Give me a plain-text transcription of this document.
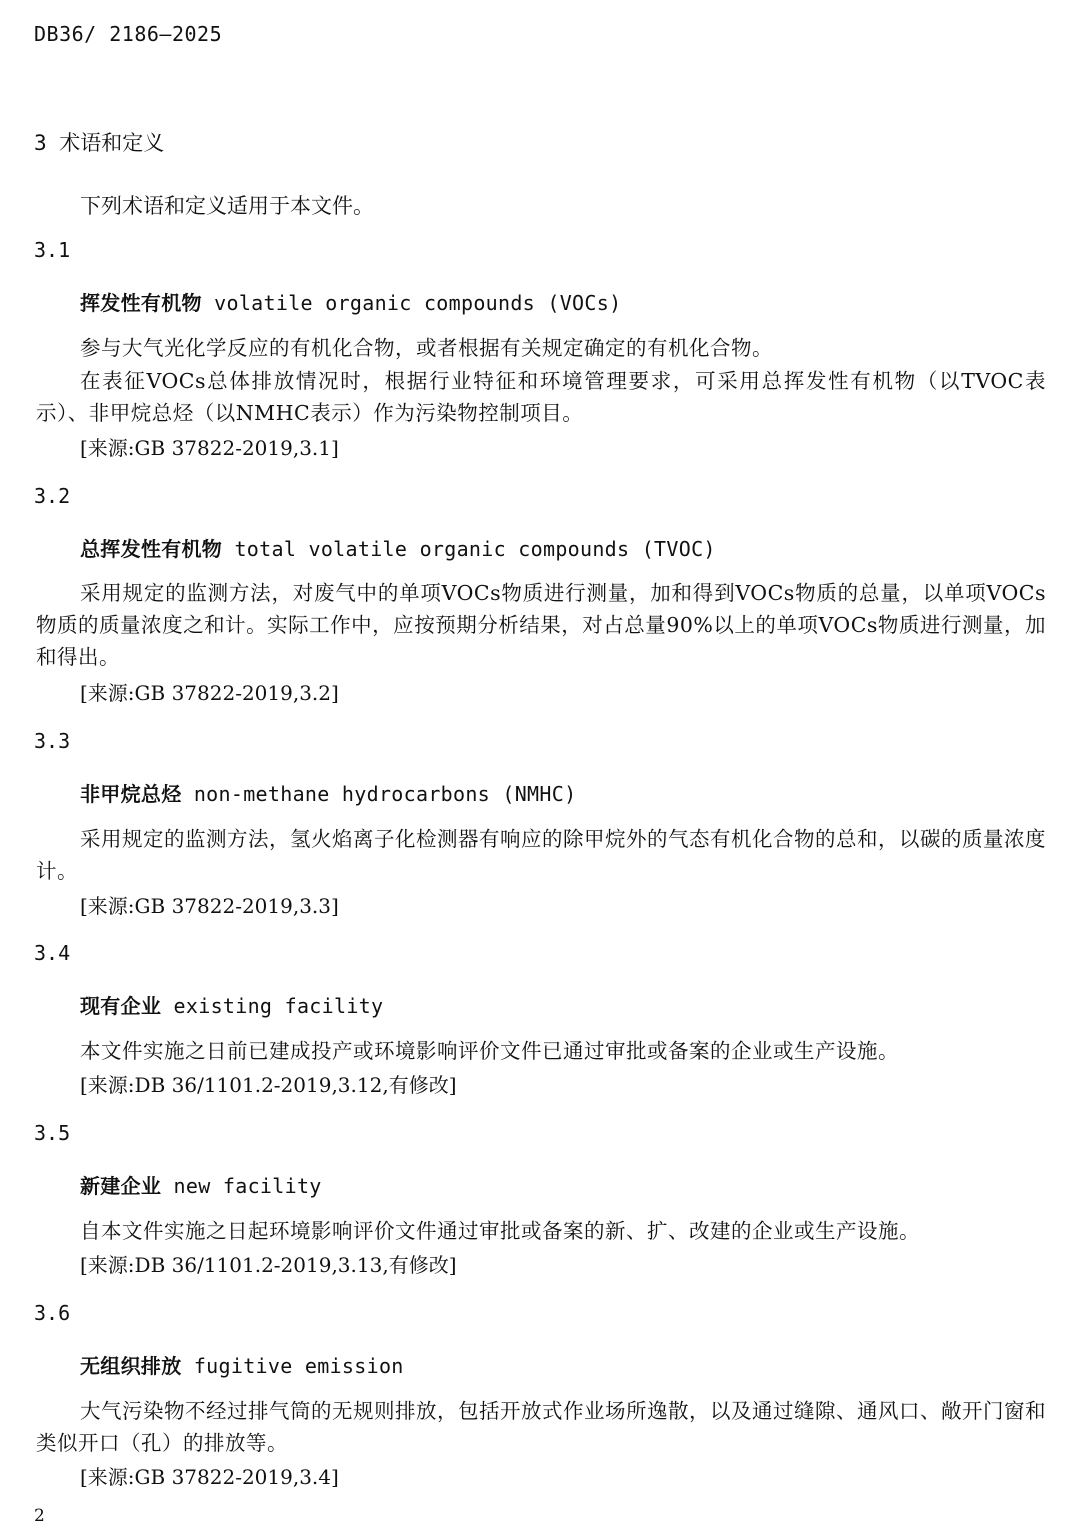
DB36/ 2186—2025
3 术语和定义
下列术语和定义适用于本文件。
3.1
挥发性有机物 volatile organic compounds (VOCs)
参与大气光化学反应的有机化合物，或者根据有关规定确定的有机化合物。
在表征VOCs总体排放情况时，根据行业特征和环境管理要求，可采用总挥发性有机物（以TVOC表示）、非甲烷总烃（以NMHC表示）作为污染物控制项目。
[来源:GB 37822-2019,3.1]
3.2
总挥发性有机物 total volatile organic compounds (TVOC)
采用规定的监测方法，对废气中的单项VOCs物质进行测量，加和得到VOCs物质的总量，以单项VOCs物质的质量浓度之和计。实际工作中，应按预期分析结果，对占总量90%以上的单项VOCs物质进行测量，加和得出。
[来源:GB 37822-2019,3.2]
3.3
非甲烷总烃 non-methane hydrocarbons (NMHC)
采用规定的监测方法，氢火焰离子化检测器有响应的除甲烷外的气态有机化合物的总和，以碳的质量浓度计。
[来源:GB 37822-2019,3.3]
3.4
现有企业 existing facility
本文件实施之日前已建成投产或环境影响评价文件已通过审批或备案的企业或生产设施。
[来源:DB 36/1101.2-2019,3.12,有修改]
3.5
新建企业 new facility
自本文件实施之日起环境影响评价文件通过审批或备案的新、扩、改建的企业或生产设施。
[来源:DB 36/1101.2-2019,3.13,有修改]
3.6
无组织排放 fugitive emission
大气污染物不经过排气筒的无规则排放，包括开放式作业场所逸散，以及通过缝隙、通风口、敞开门窗和类似开口（孔）的排放等。
[来源:GB 37822-2019,3.4]
2
